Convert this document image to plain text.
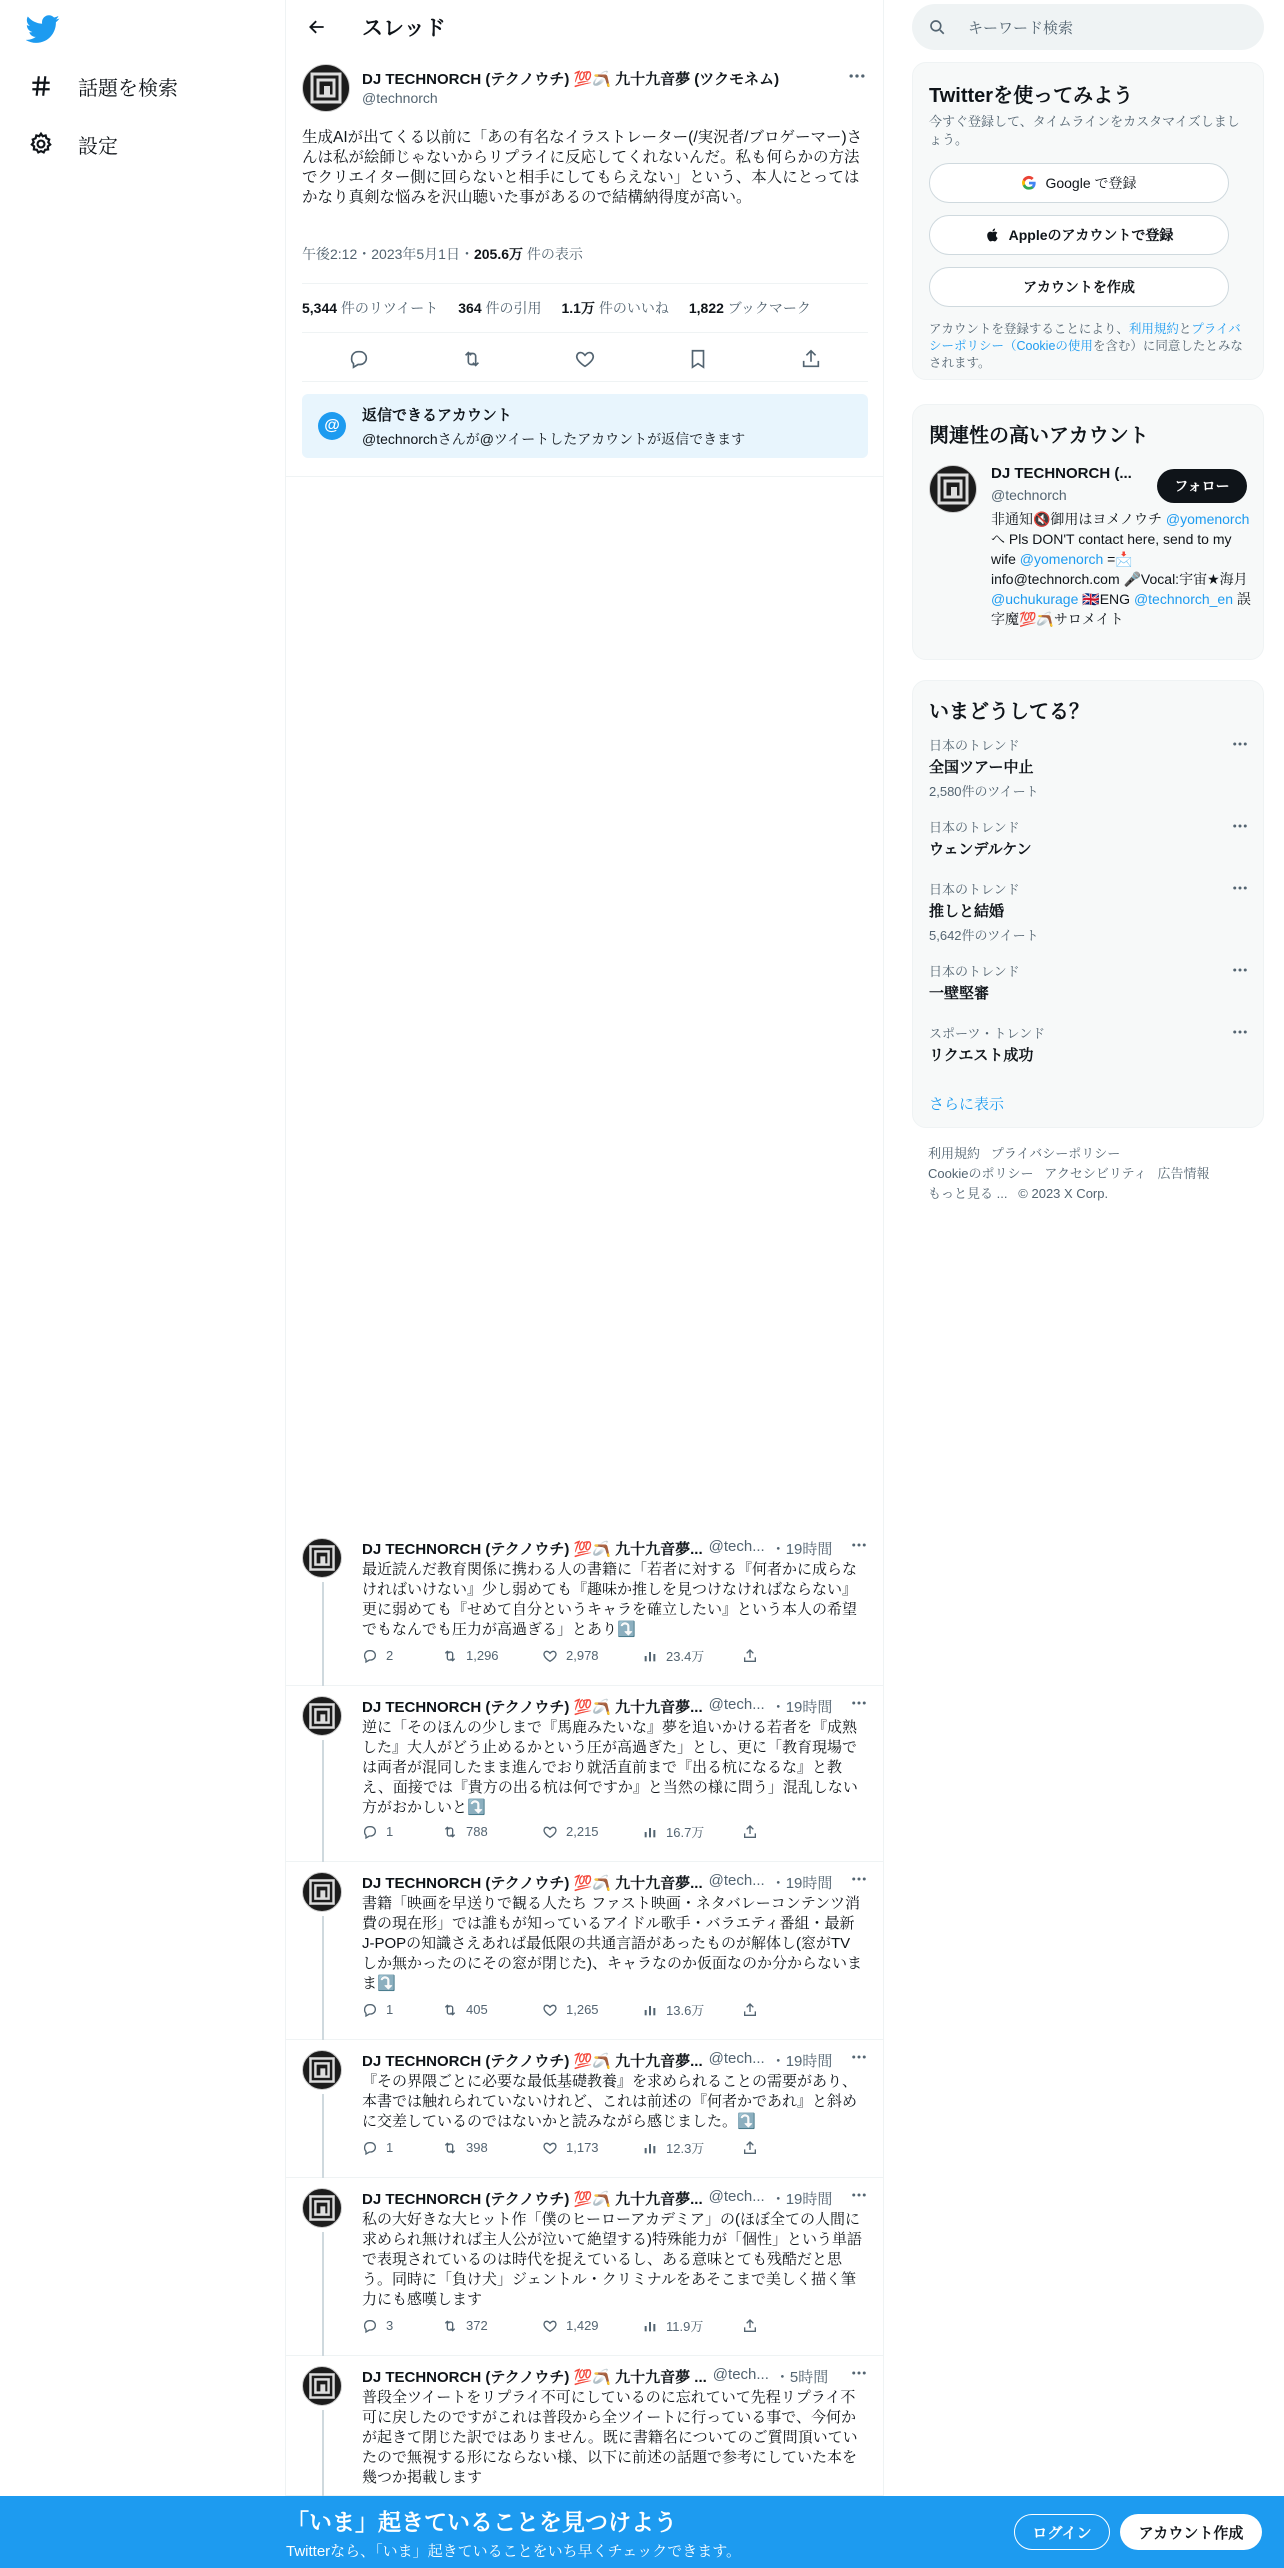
話題を検索
設定
スレッド
DJ TECHNORCH (テクノウチ) 💯🪃 九十九音夢 (ツクモネム)
@technorch
生成AIが出てくる以前に「あの有名なイラストレーター(/実況者/ブロゲーマー)さんは私が絵師じゃないからリプライに反応してくれないんだ。私も何らかの方法でクリエイター側に回らないと相手にしてもらえない」という、本人にとってはかなり真剣な悩みを沢山聴いた事があるので結構納得度が高い。
午後2:12・2023年5月1日・205.6万 件の表示
5,344 件のリツイート 364 件の引用 1.1万 件のいいね 1,822 ブックマーク
@
返信できるアカウント
@technorchさんが@ツイートしたアカウントが返信できます
DJ TECHNORCH (テクノウチ) 💯🪃 九十九音夢... @tech... ・19時間
最近読んだ教育関係に携わる人の書籍に「若者に対する『何者かに成らなければいけない』少し弱めても『趣味か推しを見つけなければならない』更に弱めても『せめて自分というキャラを確立したい』という本人の希望でもなんでも圧力が高過ぎる」とあり⤵️
2	1,296	2,978	23.4万
DJ TECHNORCH (テクノウチ) 💯🪃 九十九音夢... @tech... ・19時間
逆に「そのほんの少しまで『馬鹿みたいな』夢を追いかける若者を『成熟した』大人がどう止めるかという圧が高過ぎた」とし、更に「教育現場では両者が混同したまま進んでおり就活直前まで『出る杭になるな』と教え、面接では『貴方の出る杭は何ですか』と当然の様に問う」混乱しない方がおかしいと⤵️
1	788	2,215	16.7万
DJ TECHNORCH (テクノウチ) 💯🪃 九十九音夢... @tech... ・19時間
書籍「映画を早送りで観る人たち ファスト映画・ネタバレーコンテンツ消費の現在形」では誰もが知っているアイドル歌手・バラエティ番組・最新J-POPの知識さえあれば最低限の共通言語があったものが解体し(窓がTVしか無かったのにその窓が閉じた)、キャラなのか仮面なのか分からないまま⤵️
1	405	1,265	13.6万
DJ TECHNORCH (テクノウチ) 💯🪃 九十九音夢... @tech... ・19時間
『その界隈ごとに必要な最低基礎教養』を求められることの需要があり、本書では触れられていないけれど、これは前述の『何者かであれ』と斜めに交差しているのではないかと読みながら感じました。⤵️
1	398	1,173	12.3万
DJ TECHNORCH (テクノウチ) 💯🪃 九十九音夢... @tech... ・19時間
私の大好きな大ヒット作「僕のヒーローアカデミア」の(ほぼ全ての人間に求められ無ければ主人公が泣いて絶望する)特殊能力が「個性」という単語で表現されているのは時代を捉えているし、ある意味とても残酷だと思う。同時に「負け犬」ジェントル・クリミナルをあそこまで美しく描く筆力にも感嘆します
3	372	1,429	11.9万
DJ TECHNORCH (テクノウチ) 💯🪃 九十九音夢 ... @tech... ・5時間
普段全ツイートをリプライ不可にしているのに忘れていて先程リプライ不可に戻したのですがこれは普段から全ツイートに行っている事で、今何かが起きて閉じた訳ではありません。既に書籍名についてのご質問頂いていたので無視する形にならない様、以下に前述の話題で参考にしていた本を幾つか掲載します
キーワード検索
Twitterを使ってみよう
今すぐ登録して、タイムラインをカスタマイズしましょう。
Google で登録
Appleのアカウントで登録
アカウントを作成
アカウントを登録することにより、利用規約とプライバシーポリシー（Cookieの使用を含む）に同意したとみなされます。
関連性の高いアカウント
DJ TECHNORCH (...
@technorch
フォロー
非通知🔇御用はヨメノウチ @yomenorchへ Pls DON'T contact here, send to my wife @yomenorch =📩info@technorch.com 🎤Vocal:宇宙★海月 @uchukurage 🇬🇧ENG @technorch_en 誤字魔💯🪃サロメイト
いまどうしてる？
日本のトレンド
全国ツアー中止
2,580件のツイート
日本のトレンド
ウェンデルケン
日本のトレンド
推しと結婚
5,642件のツイート
日本のトレンド
一壁堅審
スポーツ・トレンド
リクエスト成功
さらに表示
利用規約 プライバシーポリシー
Cookieのポリシー アクセシビリティ 広告情報
もっと見る ... © 2023 X Corp.
「いま」起きていることを見つけよう
Twitterなら、「いま」起きていることをいち早くチェックできます。
ログイン	アカウント作成
